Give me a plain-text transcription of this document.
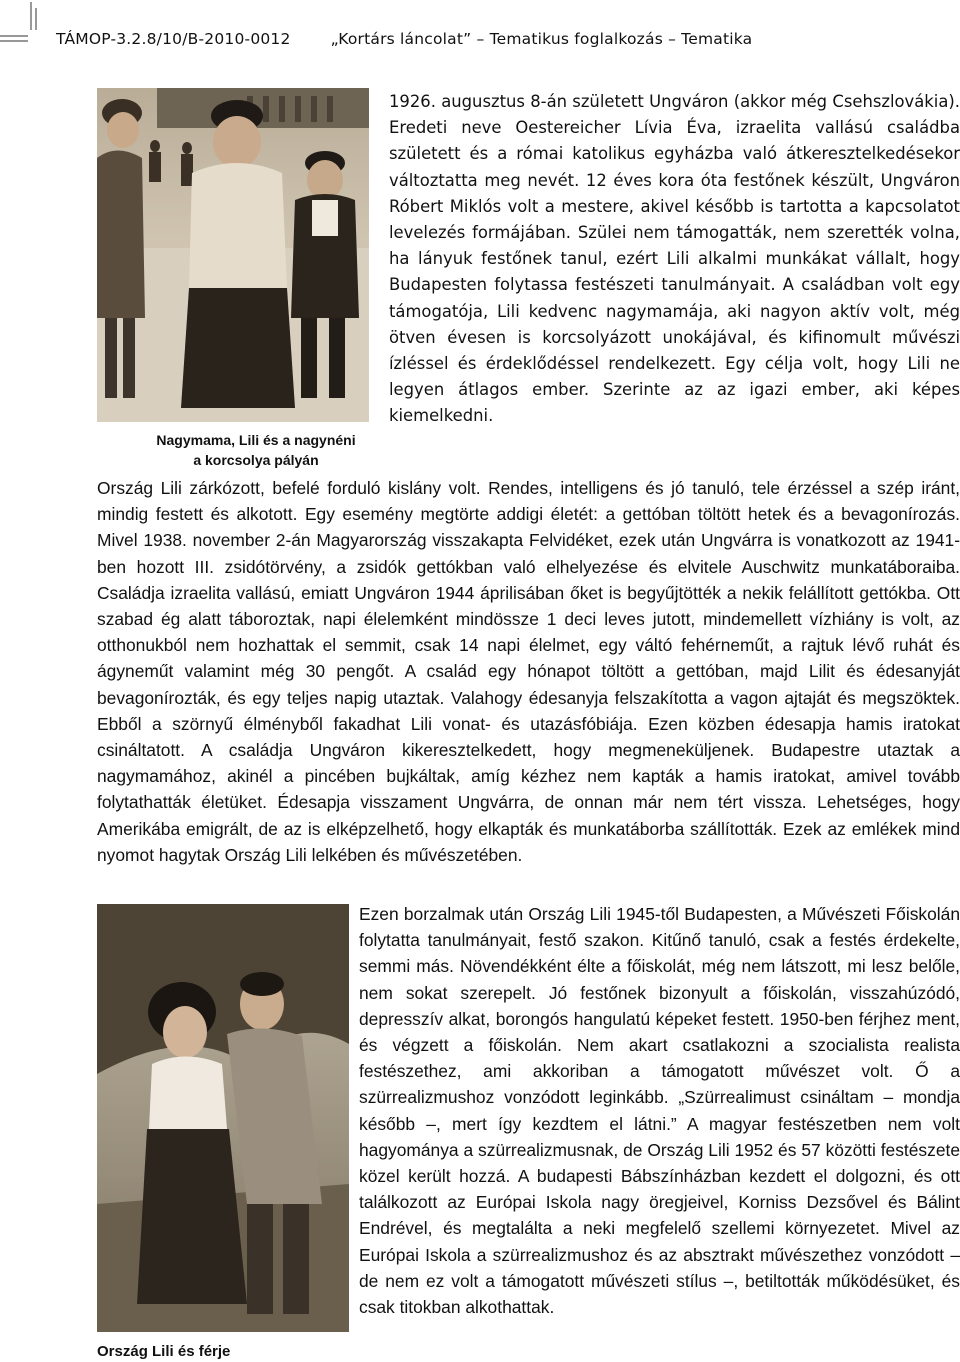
TÁMOP-3.2.8/10/B-2010-0012	„Kortárs láncolat” – Tematikus foglalkozás – Tematika
Nagymama, Lili és a nagynéni
a korcsolya pályán

1926. augusztus 8-án született Ungváron (akkor még Csehszlovákia). Eredeti neve Oestereicher Lívia Éva, izraelita vallású családba született és a római katolikus egyházba való átkeresztelkedésekor változtatta meg nevét. 12 éves kora óta festőnek készült, Ungváron Róbert Miklós volt a mestere, akivel később is tartotta a kapcsolatot levelezés formájában. Szülei nem támogatták, nem szerették volna, ha lányuk festőnek tanul, ezért Lili alkalmi munkákat vállalt, hogy Budapesten folytassa festészeti tanulmányait. A családban volt egy támogatója, Lili kedvenc nagymamája, aki nagyon aktív volt, még ötven évesen is korcsolyázott unokájával, és kifinomult művészi ízléssel és érdeklődéssel rendelkezett. Egy célja volt, hogy Lili ne legyen átlagos ember. Szerinte az az igazi ember, aki képes kiemelkedni.

Ország Lili zárkózott, befelé forduló kislány volt. Rendes, intelligens és jó tanuló, tele érzéssel a szép iránt, mindig festett és alkotott. Egy esemény megtörte addigi életét: a gettóban töltött hetek és a bevagonírozás. Mivel 1938. november 2-án Magyarország visszakapta Felvidéket, ezek után Ungvárra is vonatkozott az 1941-ben hozott III. zsidótörvény, a zsidók gettókban való elhelyezése és elvitele Auschwitz munkatáboraiba. Családja izraelita vallású, emiatt Ungváron 1944 áprilisában őket is begyűjtötték a nekik felállított gettókba. Ott szabad ég alatt táboroztak, napi élelemként mindössze 1 deci leves jutott, mindemellett vízhiány is volt, az otthonukból nem hozhattak el semmit, csak 14 napi élelmet, egy váltó fehérneműt, a rajtuk lévő ruhát és ágyneműt valamint még 30 pengőt. A család egy hónapot töltött a gettóban, majd Lilit és édesanyját bevagonírozták, és egy teljes napig utaztak. Valahogy édesanyja felszakította a vagon ajtaját és megszöktek. Ebből a szörnyű élményből fakadhat Lili vonat- és utazásfóbiája. Ezen közben édesapja hamis iratokat csináltatott. A családja Ungváron kikeresztelkedett, hogy megmeneküljenek. Budapestre utaztak a nagymamához, akinél a pincében bujkáltak, amíg kézhez nem kapták a hamis iratokat, amivel tovább folytathatták életüket. Édesapja visszament Ungvárra, de onnan már nem tért vissza. Lehetséges, hogy Amerikába emigrált, de az is elképzelhető, hogy elkapták és munkatáborba szállították. Ezek az emlékek mind nyomot hagytak Ország Lili lelkében és művészetében.

Ország Lili és férje

Ezen borzalmak után Ország Lili 1945-től Budapesten, a Művészeti Főiskolán folytatta tanulmányait, festő szakon. Kitűnő tanuló, csak a festés érdekelte, semmi más. Növendékként élte a főiskolát, még nem látszott, mi lesz belőle, nem sokat szerepelt. Jó festőnek bizonyult a főiskolán, visszahúzódó, depresszív alkat, borongós hangulatú képeket festett. 1950-ben férjhez ment, és végzett a főiskolán. Nem akart csatlakozni a szocialista realista festészethez, ami akkoriban a támogatott művészet volt. Ő a szürrealizmushoz vonzódott leginkább. „Szürrealimust csináltam – mondja később –, mert így kezdtem el látni.” A magyar festészetben nem volt hagyománya a szürrealizmusnak, de Ország Lili 1952 és 57 közötti festészete közel került hozzá. A budapesti Bábszínházban kezdett el dolgozni, és ott találkozott az Európai Iskola nagy öregjeivel, Korniss Dezsővel és Bálint Endrével, és megtalálta a neki megfelelő szellemi környezetet. Mivel az Európai Iskola a szürrealizmushoz és az absztrakt művészethez vonzódott – de nem ez volt a támogatott művészeti stílus –, betiltották működésüket, és csak titokban alkothattak.
